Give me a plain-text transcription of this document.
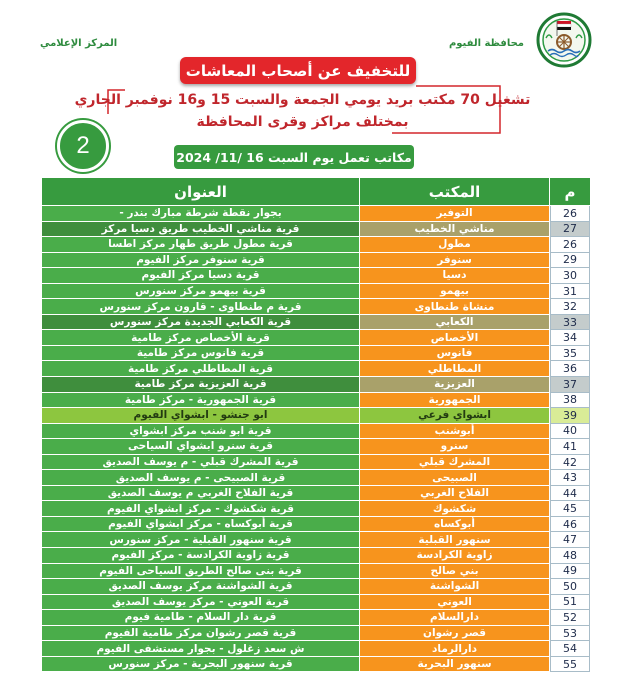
المركز الإعلامي	محافظة الفيوم
للتخفيف عن أصحاب المعاشات
تشغيل 70 مكتب بريد يومي الجمعة والسبت 15 و16 نوفمبر الجاري
بمختلف مراكز وقرى المحافظة
2	مكاتب تعمل يوم السبت 16 /11/ 2024
م
المكتب
العنوان
26
التوفير
بجوار نقطة شرطة مبارك بندر -
27
مناشي الخطيب
قرية مناشي الخطيب طريق دسيا مركز
26
مطول
قرية مطول طريق طهار مركز اطسا
29
سنوفر
قرية سنوفر مركز الفيوم
30
دسيا
قرية دسيا مركز الفيوم
31
بيهمو
قرية بيهمو مركز سنورس
32
منشاة طنطاوى
قرية م طنطاوى - قارون مركز سنورس
33
الكعابي
قرية الكعابي الجديدة مركز سنورس
34
الأخصاص
قرية الأخصاص مركز طامية
35
فانوس
قرية فانوس مركز طامية
36
المطاطلي
قرية المطاطلي مركز طامية
37
العزيزية
قرية العزيزية مركز طامية
38
الجمهورية
قرية الجمهورية - مركز طامية
39
ابشواي فرعي
ابو جنشو - ابشواي الفيوم
40
أبوشنب
قرية ابو شنب مركز ابشواي
41
سنرو
قرية سنرو ابشواي السياحى
42
المشرك قبلي
قرية المشرك قبلي - م يوسف الصديق
43
الصبيحى
قرية الصبيحى - م يوسف الصديق
44
الفلاح الغربي
قرية الفلاح الغربي م يوسف الصديق
45
شكشوك
قرية شكشوك - مركز ابشواي الفيوم
46
أبوكساه
قرية أبوكساه - مركز ابشواي الفيوم
47
سنهور القبلية
قرية سنهور القبلية - مركز سنورس
48
زاوية الكرادسة
قرية زاوية الكرادسة - مركز الفيوم
49
بني صالح
قرية بنى صالح الطريق السياحى الفيوم
50
الشواشنة
قرية الشواشنة مركز يوسف الصديق
51
العوني
قرية العوني - مركز يوسف الصديق
52
دارالسلام
قرية دار السلام - طامية فيوم
53
قصر رشوان
قرية قصر رشوان مركز طامية الفيوم
54
دارالرماد
ش سعد زغلول - بجوار مستشفى الفيوم
55
سنهور البحرية
قرية سنهور البحرية - مركز سنورس
